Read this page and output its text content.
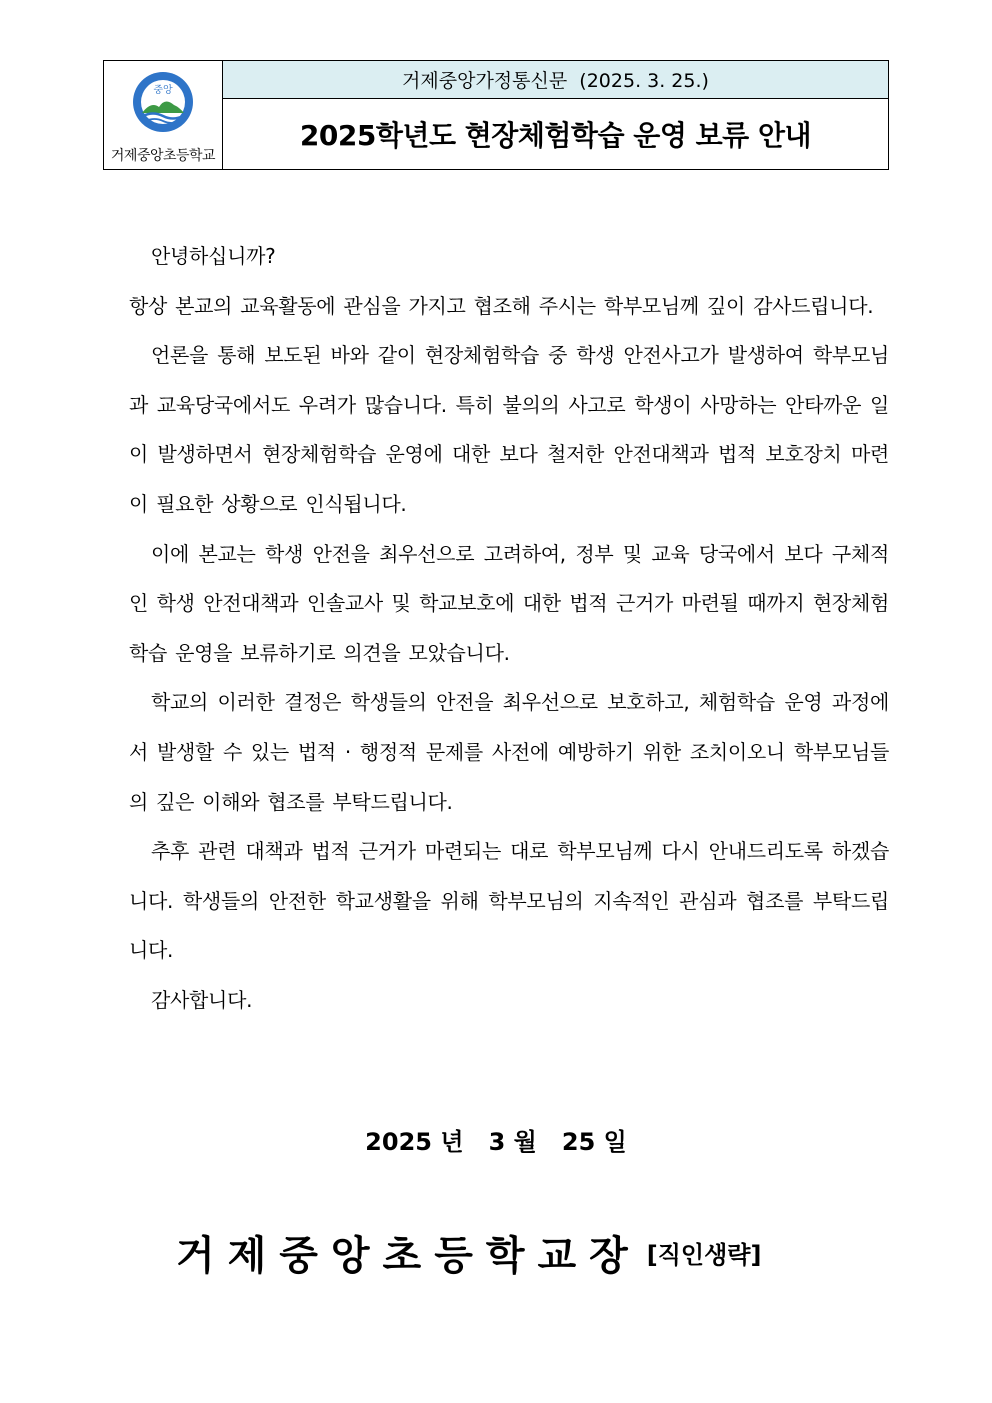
중앙
거제중앙초등학교
거제중앙가정통신문  (2025. 3. 25.)
2025학년도 현장체험학습 운영 보류 안내

안녕하십니까?

항상 본교의 교육활동에 관심을 가지고 협조해 주시는 학부모님께 깊이 감사드립니다.

언론을 통해 보도된 바와 같이 현장체험학습 중 학생 안전사고가 발생하여 학부모님과 교육당국에서도 우려가 많습니다. 특히 불의의 사고로 학생이 사망하는 안타까운 일이 발생하면서 현장체험학습 운영에 대한 보다 철저한 안전대책과 법적 보호장치 마련이 필요한 상황으로 인식됩니다.

이에 본교는 학생 안전을 최우선으로 고려하여, 정부 및 교육 당국에서 보다 구체적인 학생 안전대책과 인솔교사 및 학교보호에 대한 법적 근거가 마련될 때까지 현장체험학습 운영을 보류하기로 의견을 모았습니다.

학교의 이러한 결정은 학생들의 안전을 최우선으로 보호하고, 체험학습 운영 과정에서 발생할 수 있는 법적 · 행정적 문제를 사전에 예방하기 위한 조치이오니 학부모님들의 깊은 이해와 협조를 부탁드립니다.

추후 관련 대책과 법적 근거가 마련되는 대로 학부모님께 다시 안내드리도록 하겠습니다. 학생들의 안전한 학교생활을 위해 학부모님의 지속적인 관심과 협조를 부탁드립니다.

감사합니다.

2025 년   3 월   25 일
거제중앙초등학교장 [직인생략]
